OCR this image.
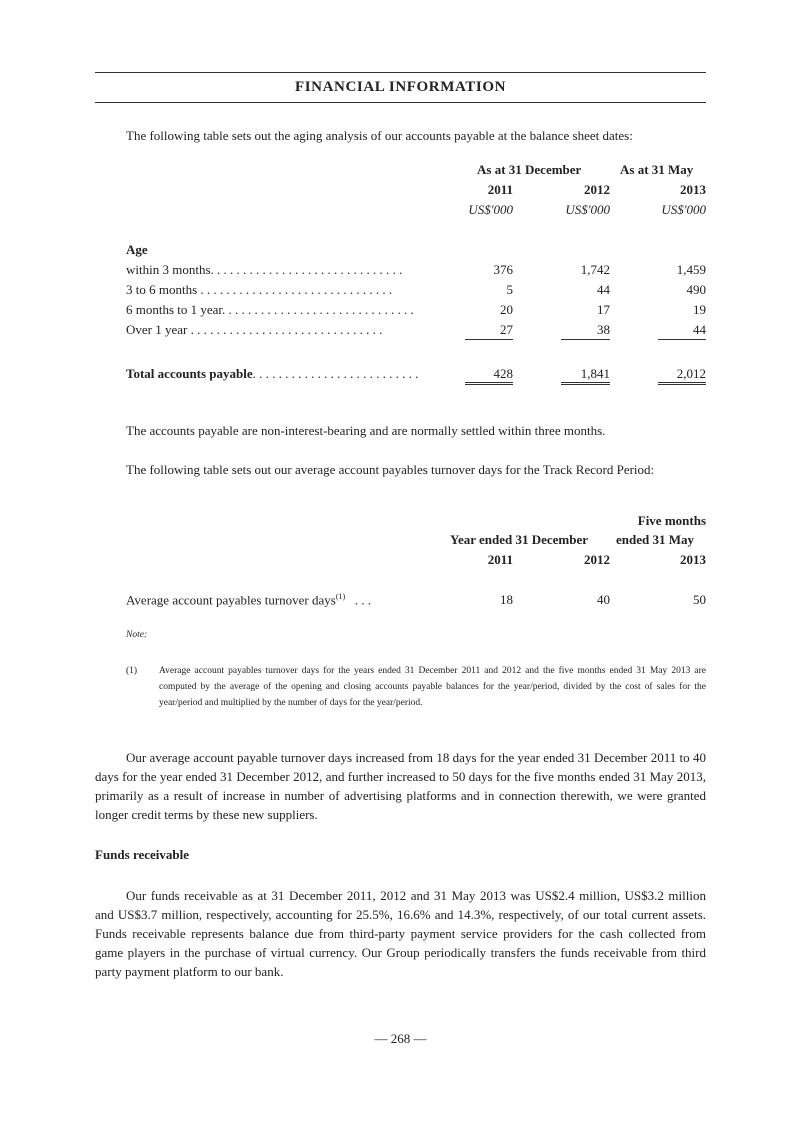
FINANCIAL INFORMATION
The following table sets out the aging analysis of our accounts payable at the balance sheet dates:
As at 31 December	As at 31 May
2011	2012	2013
US$'000	US$'000	US$'000
Age
within 3 months. . . . . . . . . . . . . . . . . . . . . . . . . . . . . .	376	1,742	1,459
3 to 6 months . . . . . . . . . . . . . . . . . . . . . . . . . . . . . .	5	44	490
6 months to 1 year. . . . . . . . . . . . . . . . . . . . . . . . . . . . . .	20	17	19
Over 1 year . . . . . . . . . . . . . . . . . . . . . . . . . . . . . .	27	38	44
Total accounts payable. . . . . . . . . . . . . . . . . . . . . . . . . .	428	1,841	2,012
The accounts payable are non-interest-bearing and are normally settled within three months.
The following table sets out our average account payables turnover days for the Track Record Period:
Five months
Year ended 31 December ended 31 May
2011	2012	2013
Average account payables turnover days$^{(1)}$ . . .	18	40	50
Note:
(1) Average account payables turnover days for the years ended 31 December 2011 and 2012 and the five months ended 31 May 2013 are computed by the average of the opening and closing accounts payable balances for the year/period, divided by the cost of sales for the year/period and multiplied by the number of days for the year/period.
Our average account payable turnover days increased from 18 days for the year ended 31 December 2011 to 40 days for the year ended 31 December 2012, and further increased to 50 days for the five months ended 31 May 2013, primarily as a result of increase in number of advertising platforms and in connection therewith, we were granted longer credit terms by these new suppliers.
Funds receivable
Our funds receivable as at 31 December 2011, 2012 and 31 May 2013 was US$2.4 million, US$3.2 million and US$3.7 million, respectively, accounting for 25.5%, 16.6% and 14.3%, respectively, of our total current assets. Funds receivable represents balance due from third-party payment service providers for the cash collected from game players in the purchase of virtual currency. Our Group periodically transfers the funds receivable from third party payment platform to our bank.
— 268 —
